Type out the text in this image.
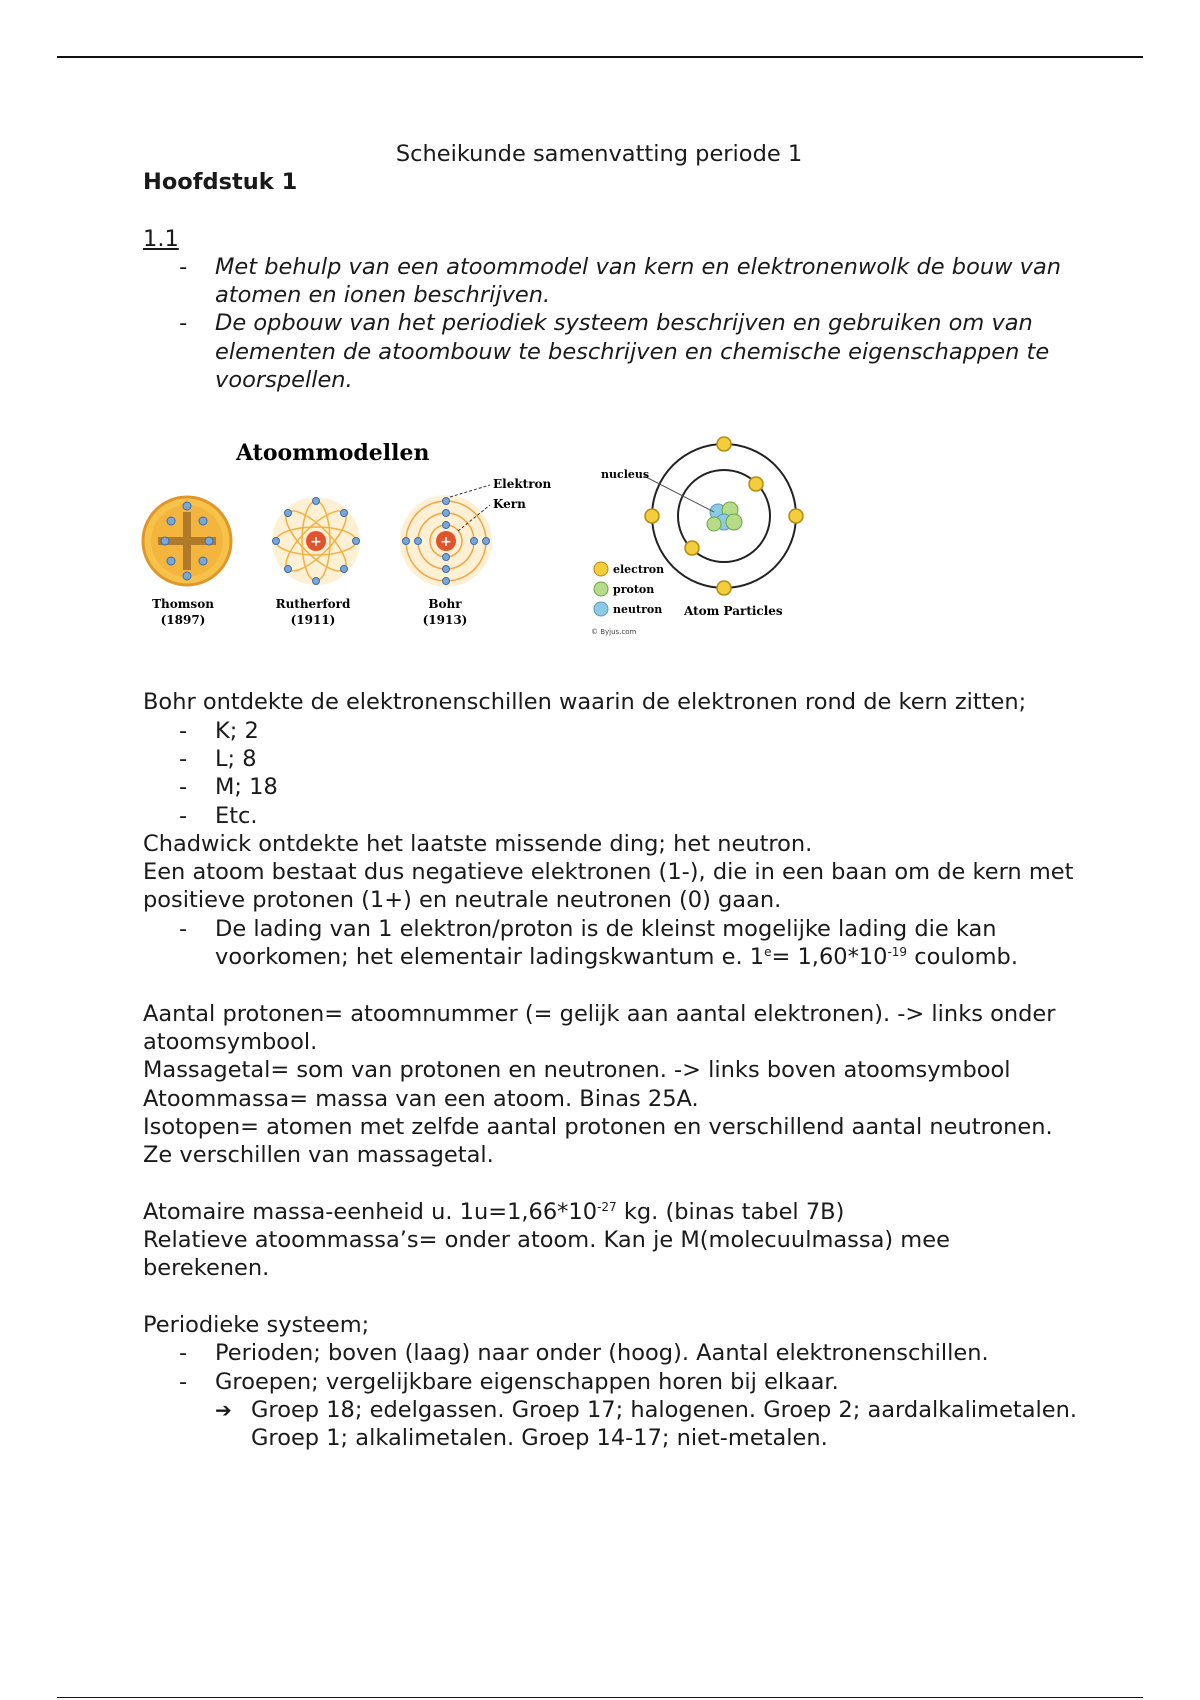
Scheikunde samenvatting periode 1
Hoofdstuk 1
1.1
- Met behulp van een atoommodel van kern en elektronenwolk de bouw van atomen en ionen beschrijven.
- De opbouw van het periodiek systeem beschrijven en gebruiken om van elementen de atoombouw te beschrijven en chemische eigenschappen te voorspellen.
Atoommodellen
+	+
Elektron
Kern
Thomson
(1897)
Rutherford
(1911)
Bohr
(1913)
nucleus
electron
proton
neutron Atom Particles
© Byjus.com
Bohr ontdekte de elektronenschillen waarin de elektronen rond de kern zitten;
- K; 2
- L; 8
- M; 18
- Etc.
Chadwick ontdekte het laatste missende ding; het neutron.
Een atoom bestaat dus negatieve elektronen (1-), die in een baan om de kern met positieve protonen (1+) en neutrale neutronen (0) gaan.
- De lading van 1 elektron/proton is de kleinst mogelijke lading die kan voorkomen; het elementair ladingskwantum e. $1^e= 1,60*10^{-19}$ coulomb.
Aantal protonen= atoomnummer (= gelijk aan aantal elektronen). -> links onder atoomsymbool.
Massagetal= som van protonen en neutronen. -> links boven atoomsymbool
Atoommassa= massa van een atoom. Binas 25A.
Isotopen= atomen met zelfde aantal protonen en verschillend aantal neutronen. Ze verschillen van massagetal.
Atomaire massa-eenheid u. $1u=1,66*10^{-27}$ kg. (binas tabel 7B)
Relatieve atoommassa’s= onder atoom. Kan je M(molecuulmassa) mee berekenen.
Periodieke systeem;
- Perioden; boven (laag) naar onder (hoog). Aantal elektronenschillen.
- Groepen; vergelijkbare eigenschappen horen bij elkaar.
➔ Groep 18; edelgassen. Groep 17; halogenen. Groep 2; aardalkalimetalen. Groep 1; alkalimetalen. Groep 14-17; niet-metalen.
